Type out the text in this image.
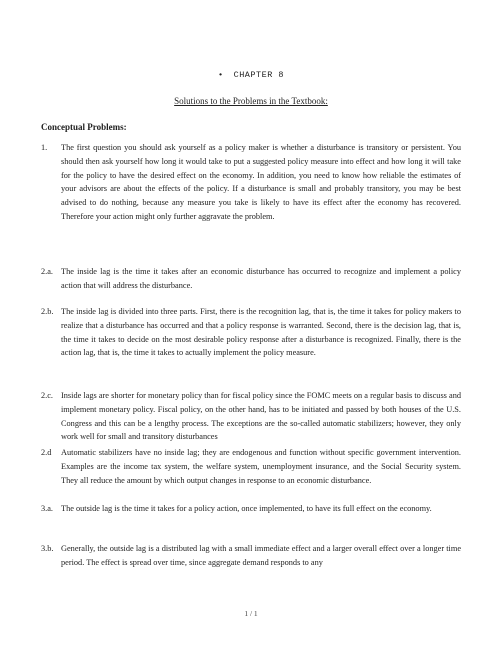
• CHAPTER 8
Solutions to the Problems in the Textbook:
Conceptual Problems:
1.	The first question you should ask yourself as a policy maker is whether a disturbance is transitory or persistent. You should then ask yourself how long it would take to put a suggested policy measure into effect and how long it will take for the policy to have the desired effect on the economy. In addition, you need to know how reliable the estimates of your advisors are about the effects of the policy. If a disturbance is small and probably transitory, you may be best advised to do nothing, because any measure you take is likely to have its effect after the economy has recovered. Therefore your action might only further aggravate the problem.
2.a. The inside lag is the time it takes after an economic disturbance has occurred to recognize and implement a policy action that will address the disturbance.
2.b. The inside lag is divided into three parts. First, there is the recognition lag, that is, the time it takes for policy makers to realize that a disturbance has occurred and that a policy response is warranted. Second, there is the decision lag, that is, the time it takes to decide on the most desirable policy response after a disturbance is recognized. Finally, there is the action lag, that is, the time it takes to actually implement the policy measure.
2.c. Inside lags are shorter for monetary policy than for fiscal policy since the FOMC meets on a regular basis to discuss and implement monetary policy. Fiscal policy, on the other hand, has to be initiated and passed by both houses of the U.S. Congress and this can be a lengthy process. The exceptions are the so-called automatic stabilizers; however, they only work well for small and transitory disturbances
2.d	Automatic stabilizers have no inside lag; they are endogenous and function without specific government intervention. Examples are the income tax system, the welfare system, unemployment insurance, and the Social Security system. They all reduce the amount by which output changes in response to an economic disturbance.
3.a. The outside lag is the time it takes for a policy action, once implemented, to have its full effect on the economy.
3.b. Generally, the outside lag is a distributed lag with a small immediate effect and a larger overall effect over a longer time period. The effect is spread over time, since aggregate demand responds to any
1 / 1
